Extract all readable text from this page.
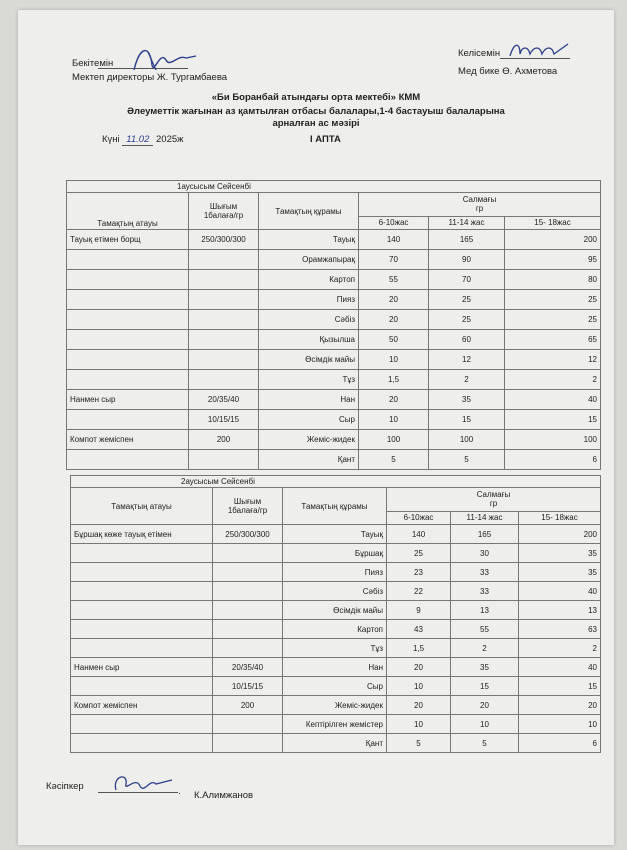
Бекітемін
Мектеп директоры Ж. Тургамбаева
Келісемін
Мед бике Ө. Ахметова
«Би Боранбай атындағы орта мектебі» КММ
Әлеуметтік жағынан аз қамтылған отбасы балалары,1-4 бастауыш балаларына
арналған ас мәзірі
Күні 11.02 2025ж	І АПТА
1аусысым Сейсенбі					
Тамақтың атауы	Шығым
1балаға/гр	Тамақтың құрамы	Салмағы
гр		
			6-10жас	11-14 жас	15- 18жас
Тауық етімен борщ	250/300/300	Тауық	140	165	200
		Орамжапырақ	70	90	95
		Картоп	55	70	80
		Пияз	20	25	25
		Сәбіз	20	25	25
		Қызылша	50	60	65
		Өсімдік майы	10	12	12
		Тұз	1,5	2	2
Нанмен сыр	20/35/40	Нан	20	35	40
	10/15/15	Сыр	10	15	15
Компот жемiспен	200	Жеміс-жидек	100	100	100
		Қант	5	5	6
2аусысым Сейсенбі					
Тамақтың атауы	Шығым
1балаға/гр	Тамақтың құрамы	Салмағы
гр		
			6-10жас	11-14 жас	15- 18жас
Бұршақ көже тауық етімен	250/300/300	Тауық	140	165	200
		Бұршақ	25	30	35
		Пияз	23	33	35
		Сәбіз	22	33	40
		Өсімдік майы	9	13	13
		Картоп	43	55	63
		Тұз	1,5	2	2
Нанмен сыр	20/35/40	Нан	20	35	40
	10/15/15	Сыр	10	15	15
Компот жемiспен	200	Жеміс-жидек	20	20	20
		Кептірілген жемістер	10	10	10
		Қант	5	5	6
Кәсіпкер
· К.Алимжанов
